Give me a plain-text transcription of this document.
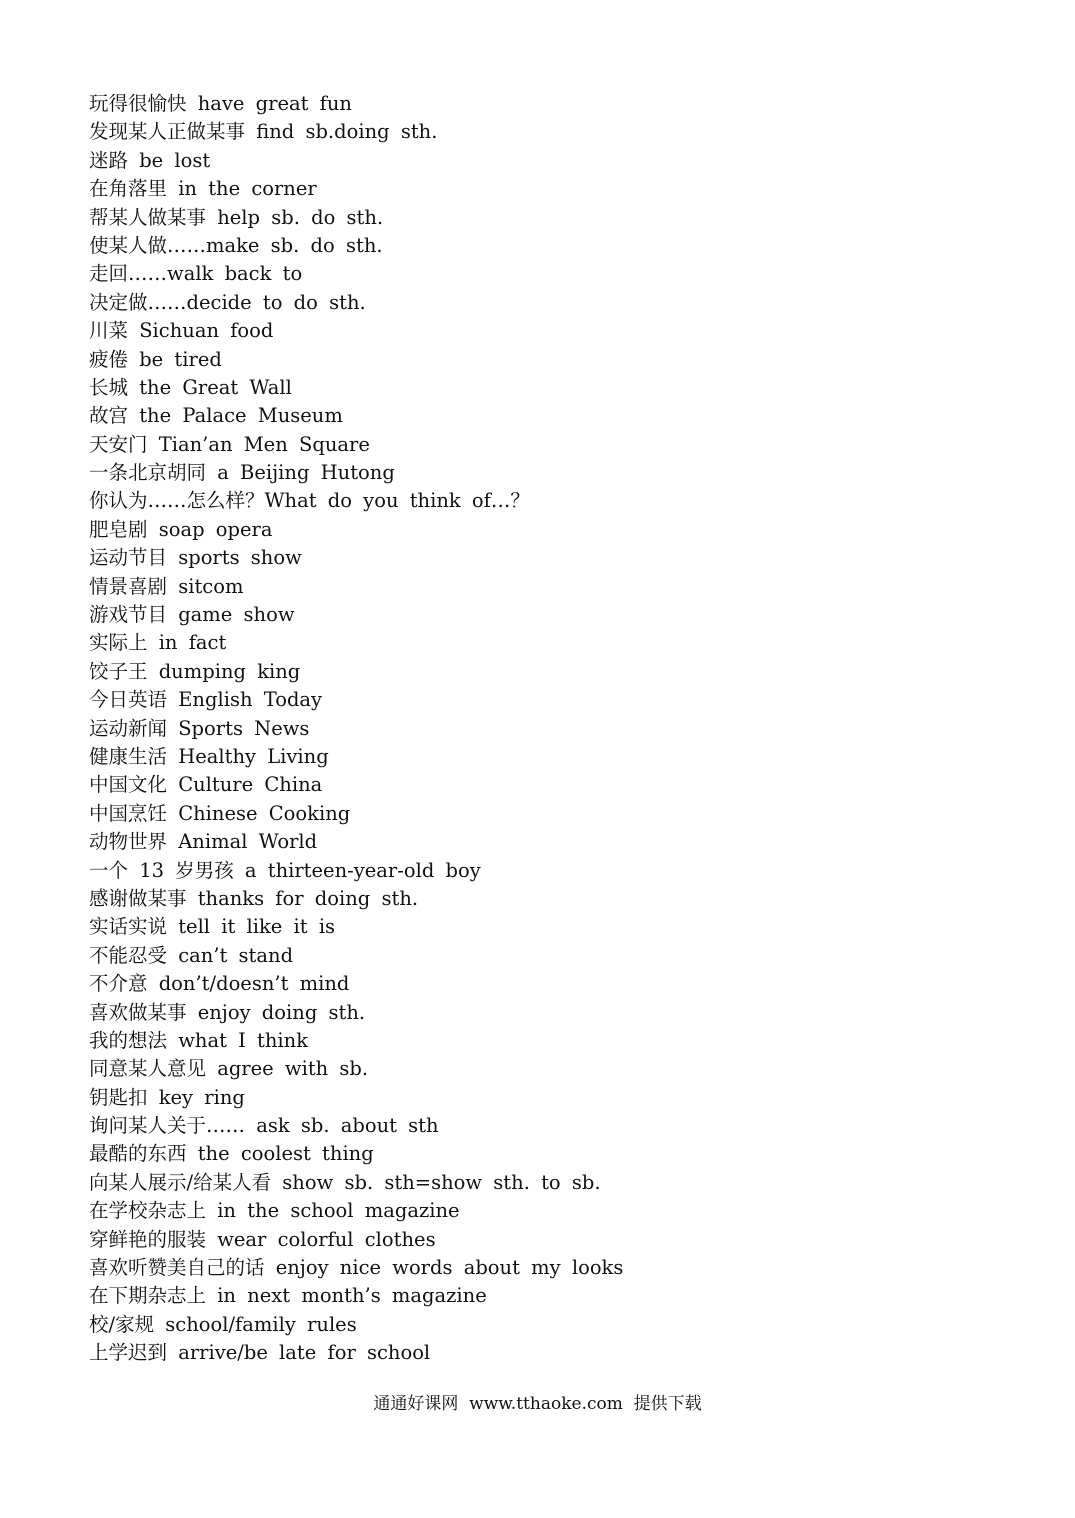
玩得很愉快 have great fun
发现某人正做某事 find sb.doing sth.
迷路 be lost
在角落里 in the corner
帮某人做某事 help sb. do sth.
使某人做……make sb. do sth.
走回……walk back to
决定做……decide to do sth.
川菜 Sichuan food
疲倦 be tired
长城 the Great Wall
故宫 the Palace Museum
天安门 Tian’an Men Square
一条北京胡同 a Beijing Hutong
你认为……怎么样？What do you think of…？
肥皂剧 soap opera
运动节目 sports show
情景喜剧 sitcom
游戏节目 game show
实际上 in fact
饺子王 dumping king
今日英语 English Today
运动新闻 Sports News
健康生活 Healthy Living
中国文化 Culture China
中国烹饪 Chinese Cooking
动物世界 Animal World
一个 13 岁男孩 a thirteen-year-old boy
感谢做某事 thanks for doing sth.
实话实说 tell it like it is
不能忍受 can’t stand
不介意 don’t/doesn’t mind
喜欢做某事 enjoy doing sth.
我的想法 what I think
同意某人意见 agree with sb.
钥匙扣 key ring
询问某人关于…… ask sb. about sth
最酷的东西 the coolest thing
向某人展示/给某人看 show sb. sth=show sth. to sb.
在学校杂志上 in the school magazine
穿鲜艳的服装 wear colorful clothes
喜欢听赞美自己的话 enjoy nice words about my looks
在下期杂志上 in next month’s magazine
校/家规 school/family rules
上学迟到 arrive/be late for school
通通好课网  www.tthaoke.com  提供下载
